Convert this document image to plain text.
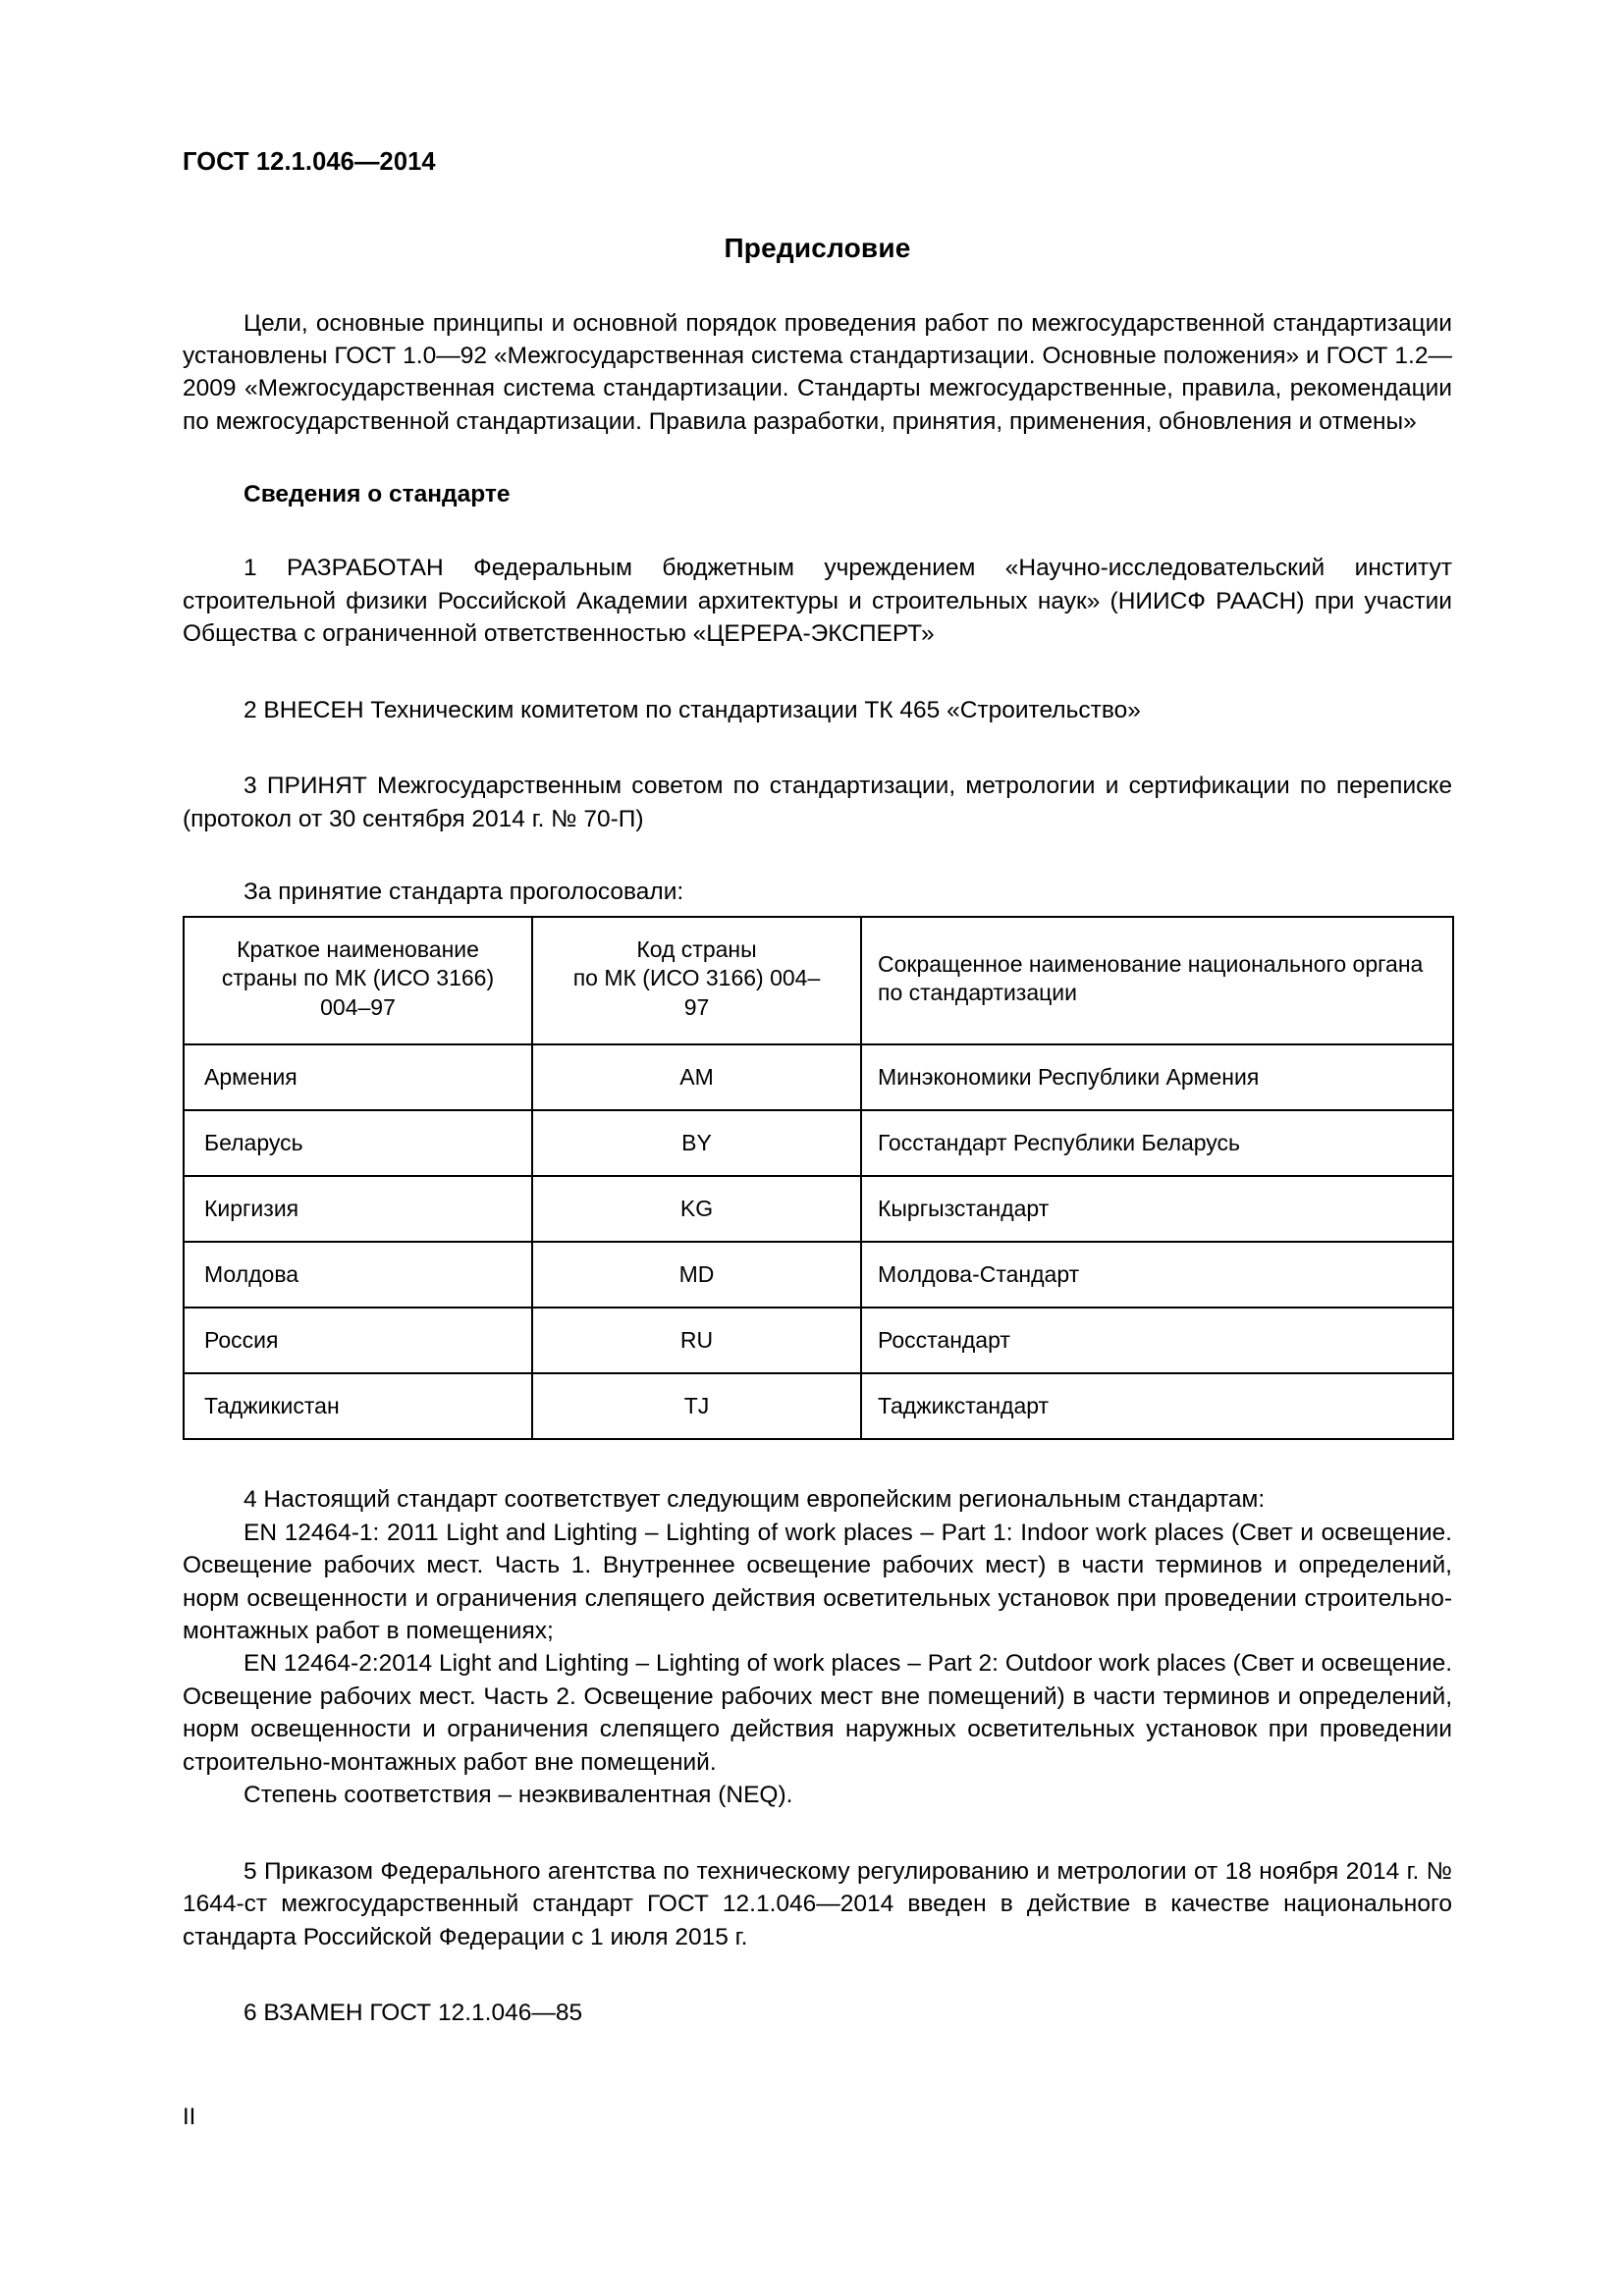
ГОСТ 12.1.046—2014
Предисловие

Цели, основные принципы и основной порядок проведения работ по межгосударственной стандартизации установлены ГОСТ 1.0—92 «Межгосударственная система стандартизации. Основные положения» и ГОСТ 1.2—2009 «Межгосударственная система стандартизации. Стандарты межгосударственные, правила, рекомендации по межгосударственной стандартизации. Правила разработки, принятия, применения, обновления и отмены»

Сведения о стандарте

1 РАЗРАБОТАН Федеральным бюджетным учреждением «Научно-исследовательский институт строительной физики Российской Академии архитектуры и строительных наук» (НИИСФ РААСН) при участии Общества с ограниченной ответственностью «ЦЕРЕРА-ЭКСПЕРТ»

2 ВНЕСЕН Техническим комитетом по стандартизации ТК 465 «Строительство»

3 ПРИНЯТ Межгосударственным советом по стандартизации, метрологии и сертификации по переписке (протокол от 30 сентября 2014 г. № 70-П)

За принятие стандарта проголосовали:

Краткое наименование
страны по МК (ИСО 3166)
004–97	Код страны
по МК (ИСО 3166) 004–
97	Сокращенное наименование национального органа
по стандартизации
Армения	AM	Минэкономики Республики Армения
Беларусь	BY	Госстандарт Республики Беларусь
Киргизия	KG	Кыргызстандарт
Молдова	MD	Молдова-Стандарт
Россия	RU	Росстандарт
Таджикистан	TJ	Таджикстандарт

4 Настоящий стандарт соответствует следующим европейским региональным стандартам:

EN 12464-1: 2011 Light and Lighting – Lighting of work places – Part 1: Indoor work places (Свет и освещение. Освещение рабочих мест. Часть 1. Внутреннее освещение рабочих мест) в части терминов и определений, норм освещенности и ограничения слепящего действия осветительных установок при проведении строительно-монтажных работ в помещениях;

EN 12464-2:2014 Light and Lighting – Lighting of work places – Part 2: Outdoor work places (Свет и освещение. Освещение рабочих мест. Часть 2. Освещение рабочих мест вне помещений) в части терминов и определений, норм освещенности и ограничения слепящего действия наружных осветительных установок при проведении строительно-монтажных работ вне помещений.

Степень соответствия – неэквивалентная (NEQ).

5 Приказом Федерального агентства по техническому регулированию и метрологии от 18 ноября 2014 г. № 1644-ст межгосударственный стандарт ГОСТ 12.1.046—2014 введен в действие в качестве национального стандарта Российской Федерации с 1 июля 2015 г.

6 ВЗАМЕН ГОСТ 12.1.046—85

II
